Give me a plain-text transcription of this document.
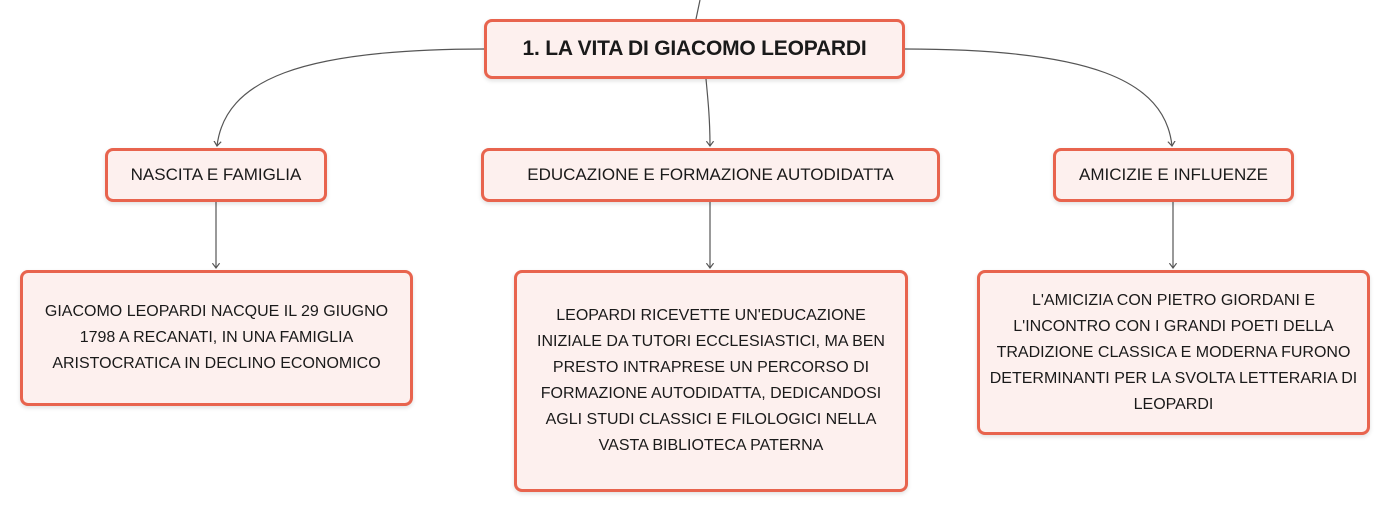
1. LA VITA DI GIACOMO LEOPARDI
NASCITA E FAMIGLIA	EDUCAZIONE E FORMAZIONE AUTODIDATTA	AMICIZIE E INFLUENZE
GIACOMO LEOPARDI NACQUE IL 29 GIUGNO 1798 A RECANATI, IN UNA FAMIGLIA ARISTOCRATICA IN DECLINO ECONOMICO
LEOPARDI RICEVETTE UN'EDUCAZIONE INIZIALE DA TUTORI ECCLESIASTICI, MA BEN PRESTO INTRAPRESE UN PERCORSO DI FORMAZIONE AUTODIDATTA, DEDICANDOSI AGLI STUDI CLASSICI E FILOLOGICI NELLA VASTA BIBLIOTECA PATERNA
L'AMICIZIA CON PIETRO GIORDANI E L'INCONTRO CON I GRANDI POETI DELLA TRADIZIONE CLASSICA E MODERNA FURONO DETERMINANTI PER LA SVOLTA LETTERARIA DI LEOPARDI
